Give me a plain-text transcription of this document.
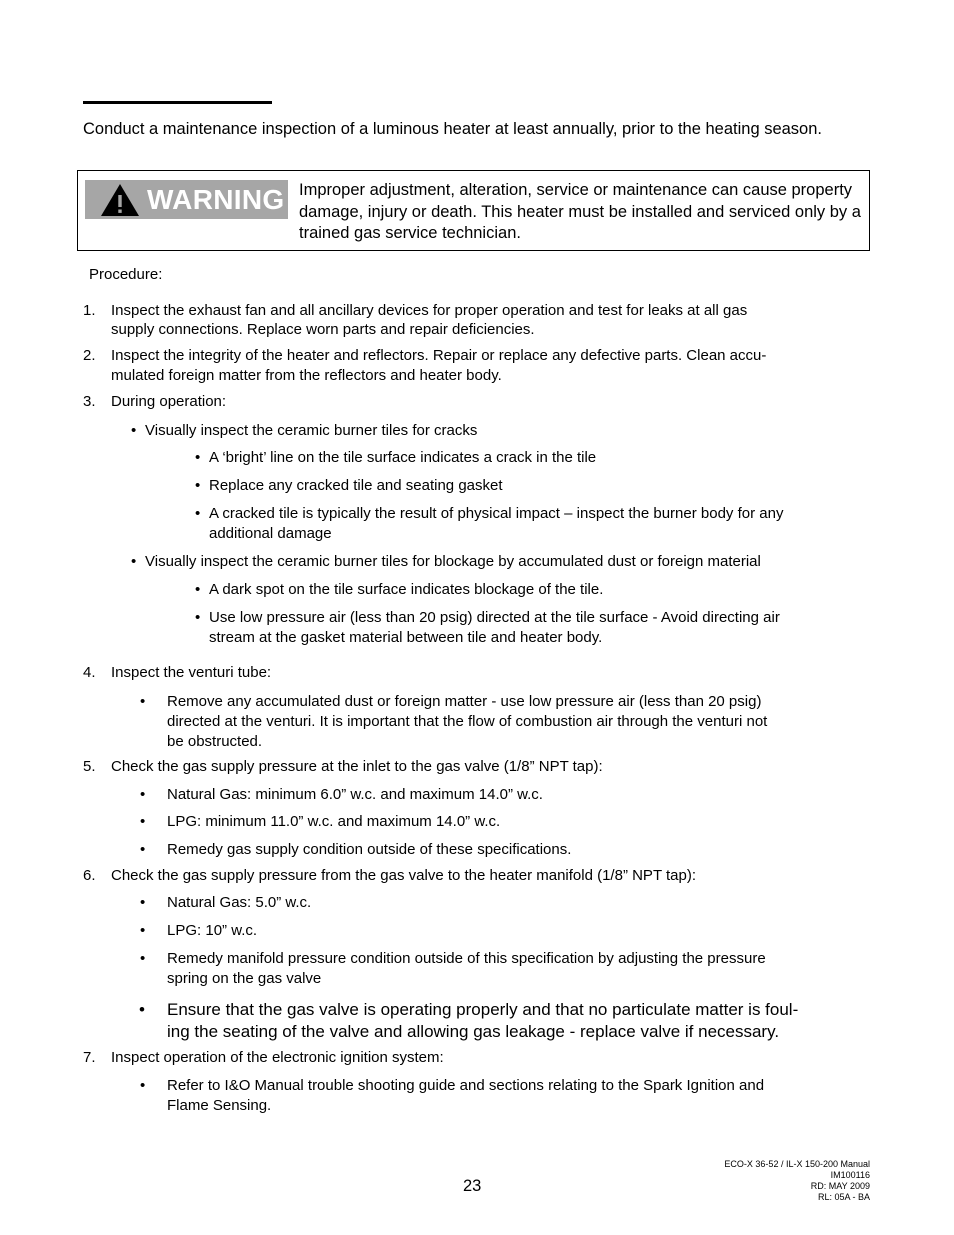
Conduct a maintenance inspection of a luminous heater at least annually, prior to the heating season.
WARNING Improper adjustment, alteration, service or maintenance can cause property damage, injury or death. This heater must be installed and serviced only by a trained gas service technician.
Procedure:
1.	Inspect the exhaust fan and all ancillary devices for proper operation and test for leaks at all gas
supply connections. Replace worn parts and repair deficiencies.
2.	Inspect the integrity of the heater and reflectors. Repair or replace any defective parts. Clean accu-
mulated foreign matter from the reflectors and heater body.
3.	During operation:
• Visually inspect the ceramic burner tiles for cracks
• A ‘bright’ line on the tile surface indicates a crack in the tile
• Replace any cracked tile and seating gasket
• A cracked tile is typically the result of physical impact – inspect the burner body for any
additional damage
• Visually inspect the ceramic burner tiles for blockage by accumulated dust or foreign material
• A dark spot on the tile surface indicates blockage of the tile.
• Use low pressure air (less than 20 psig) directed at the tile surface - Avoid directing air
stream at the gasket material between tile and heater body.
4.	Inspect the venturi tube:
• Remove any accumulated dust or foreign matter - use low pressure air (less than 20 psig)
directed at the venturi. It is important that the flow of combustion air through the venturi not
be obstructed.
5.	Check the gas supply pressure at the inlet to the gas valve (1/8” NPT tap):
• Natural Gas: minimum 6.0” w.c. and maximum 14.0” w.c.
• LPG: minimum 11.0” w.c. and maximum 14.0” w.c.
• Remedy gas supply condition outside of these specifications.
6.	Check the gas supply pressure from the gas valve to the heater manifold (1/8” NPT tap):
• Natural Gas: 5.0” w.c.
• LPG: 10” w.c.
• Remedy manifold pressure condition outside of this specification by adjusting the pressure
spring on the gas valve
• Ensure that the gas valve is operating properly and that no particulate matter is foul-
ing the seating of the valve and allowing gas leakage - replace valve if necessary.
7.	Inspect operation of the electronic ignition system:
• Refer to I&O Manual trouble shooting guide and sections relating to the Spark Ignition and
Flame Sensing.
23
ECO-X 36-52 / IL-X 150-200 Manual
IM100116
RD: MAY 2009
RL: 05A - BA
